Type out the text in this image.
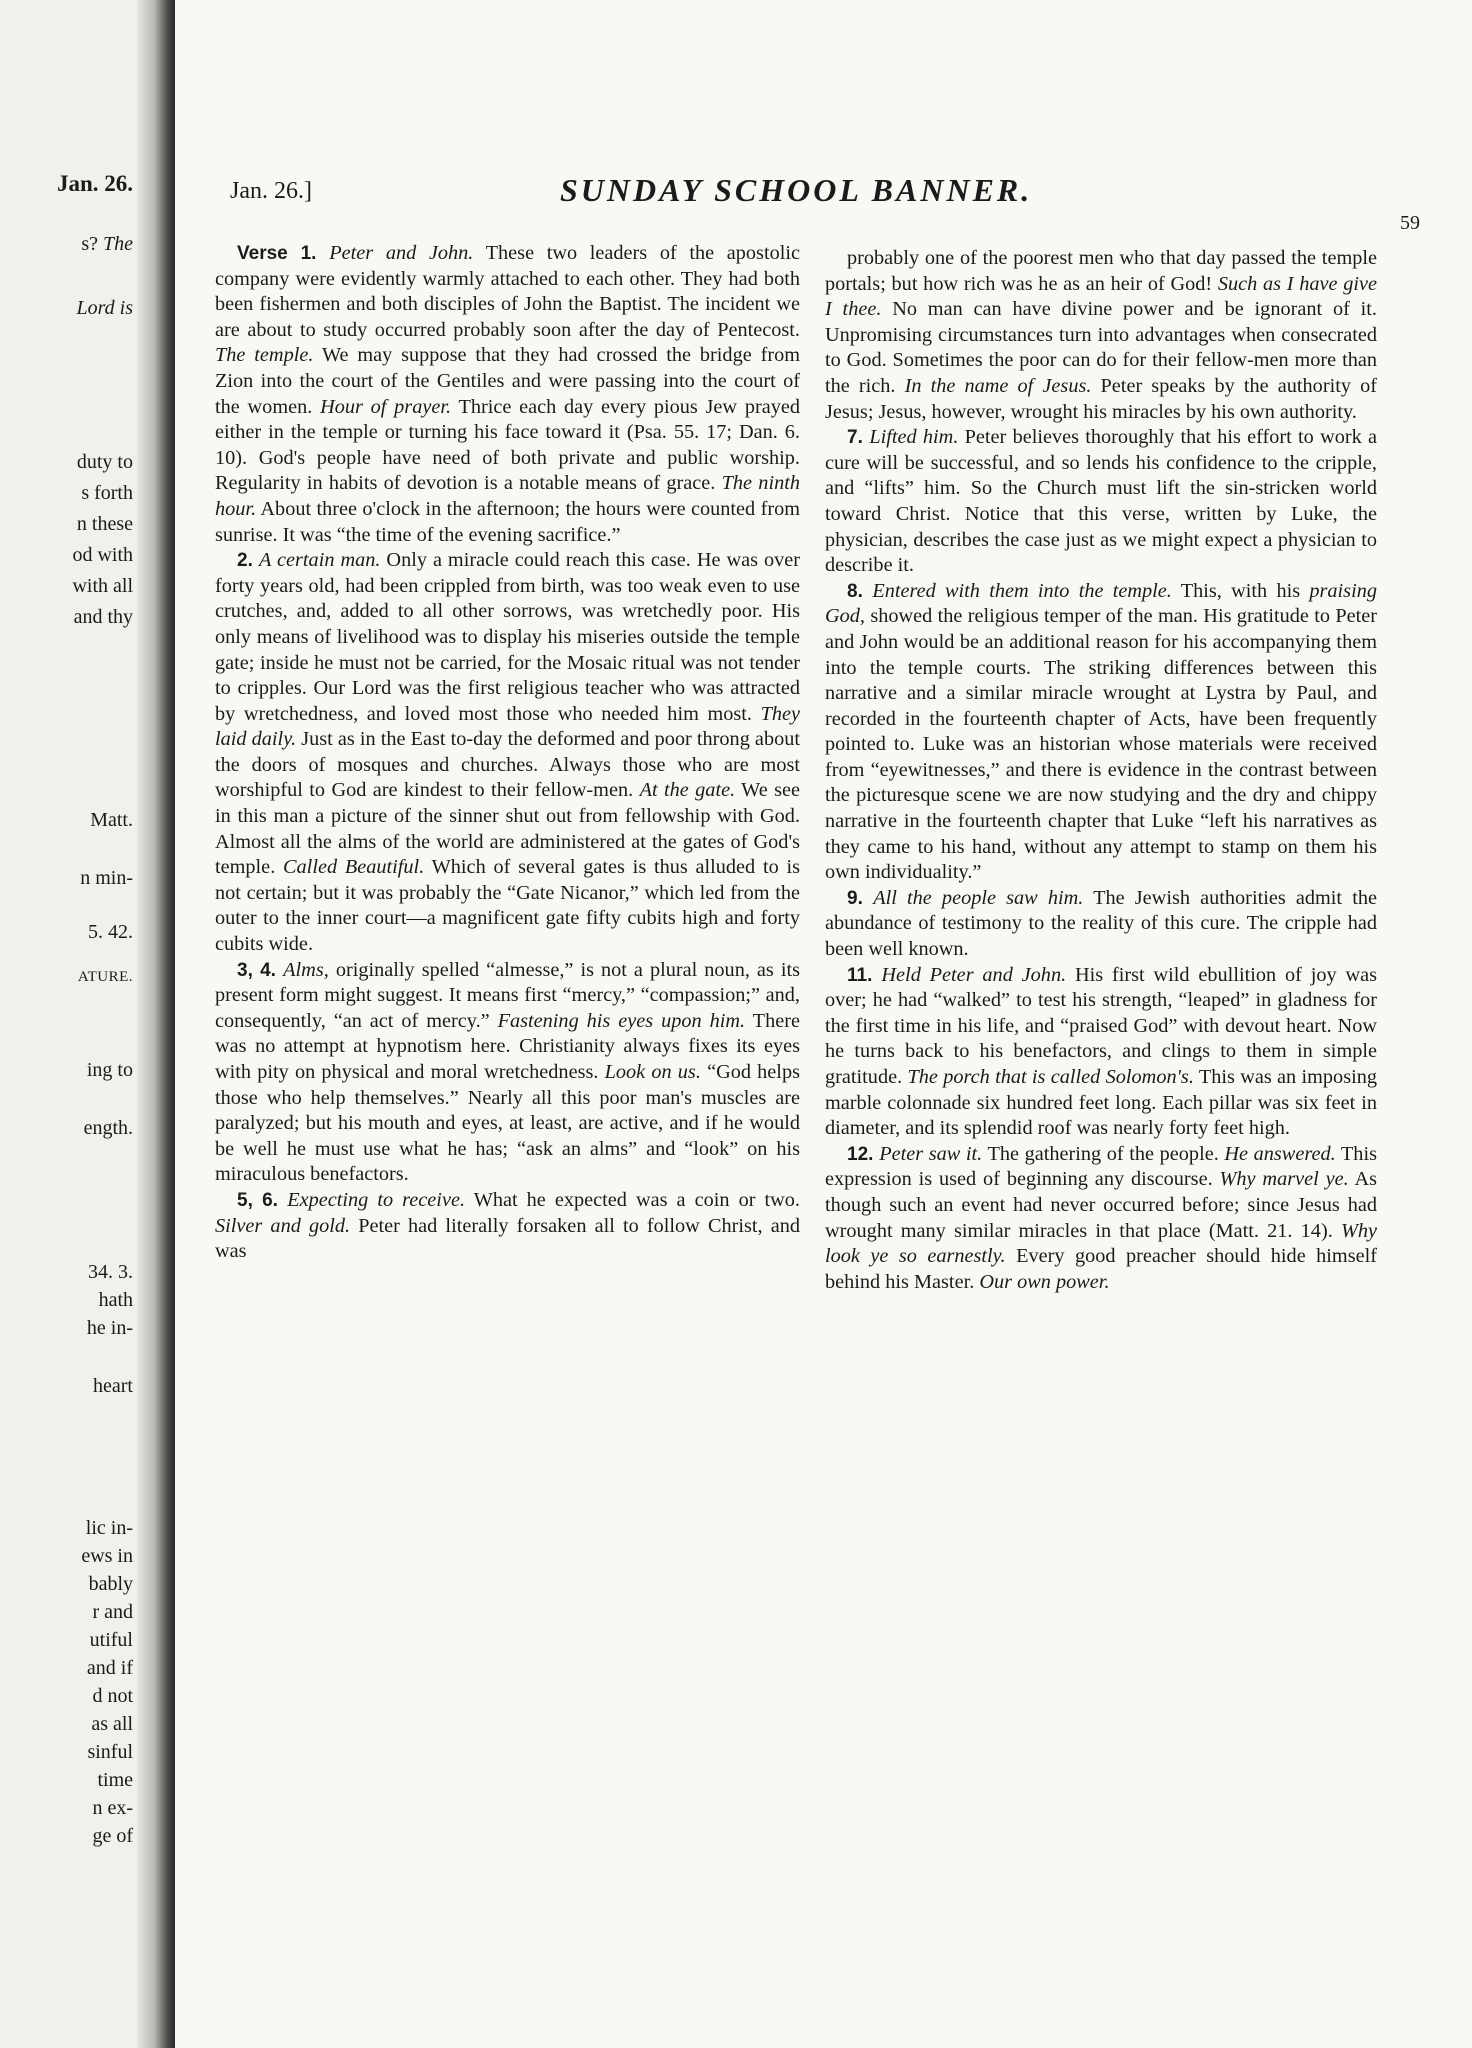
Jan. 26.
s? The
Lord is
duty to
s forth
n these
od with
with all
and thy
Matt.
n min-
5. 42.
ATURE.
ing to
ength.
34. 3.
hath
he in-
heart
lic in-
ews in
bably
r and
utiful
and if
d not
as all
sinful
time
n ex-
ge of
Jan. 26.]	SUNDAY SCHOOL BANNER.
59

Verse 1. Peter and John. These two leaders of the apostolic company were evidently warmly attached to each other. They had both been fishermen and both disciples of John the Baptist. The incident we are about to study occurred probably soon after the day of Pentecost. The temple. We may suppose that they had crossed the bridge from Zion into the court of the Gentiles and were passing into the court of the women. Hour of prayer. Thrice each day every pious Jew prayed either in the temple or turning his face toward it (Psa. 55. 17; Dan. 6. 10). God's people have need of both private and public worship. Regularity in habits of devotion is a notable means of grace. The ninth hour. About three o'clock in the afternoon; the hours were counted from sunrise. It was “the time of the evening sacrifice.”

2. A certain man. Only a miracle could reach this case. He was over forty years old, had been crippled from birth, was too weak even to use crutches, and, added to all other sorrows, was wretchedly poor. His only means of livelihood was to display his miseries outside the temple gate; inside he must not be carried, for the Mosaic ritual was not tender to cripples. Our Lord was the first religious teacher who was attracted by wretchedness, and loved most those who needed him most. They laid daily. Just as in the East to-day the deformed and poor throng about the doors of mosques and churches. Always those who are most worshipful to God are kindest to their fellow-men. At the gate. We see in this man a picture of the sinner shut out from fellowship with God. Almost all the alms of the world are administered at the gates of God's temple. Called Beautiful. Which of several gates is thus alluded to is not certain; but it was probably the “Gate Nicanor,” which led from the outer to the inner court—a magnificent gate fifty cubits high and forty cubits wide.

3, 4. Alms, originally spelled “almesse,” is not a plural noun, as its present form might suggest. It means first “mercy,” “compassion;” and, consequently, “an act of mercy.” Fastening his eyes upon him. There was no attempt at hypnotism here. Christianity always fixes its eyes with pity on physical and moral wretchedness. Look on us. “God helps those who help themselves.” Nearly all this poor man's muscles are paralyzed; but his mouth and eyes, at least, are active, and if he would be well he must use what he has; “ask an alms” and “look” on his miraculous benefactors.

5, 6. Expecting to receive. What he expected was a coin or two. Silver and gold. Peter had literally forsaken all to follow Christ, and was

probably one of the poorest men who that day passed the temple portals; but how rich was he as an heir of God! Such as I have give I thee. No man can have divine power and be ignorant of it. Unpromising circumstances turn into advantages when consecrated to God. Sometimes the poor can do for their fellow-men more than the rich. In the name of Jesus. Peter speaks by the authority of Jesus; Jesus, however, wrought his miracles by his own authority.

7. Lifted him. Peter believes thoroughly that his effort to work a cure will be successful, and so lends his confidence to the cripple, and “lifts” him. So the Church must lift the sin-stricken world toward Christ. Notice that this verse, written by Luke, the physician, describes the case just as we might expect a physician to describe it.

8. Entered with them into the temple. This, with his praising God, showed the religious temper of the man. His gratitude to Peter and John would be an additional reason for his accompanying them into the temple courts. The striking differences between this narrative and a similar miracle wrought at Lystra by Paul, and recorded in the fourteenth chapter of Acts, have been frequently pointed to. Luke was an historian whose materials were received from “eyewitnesses,” and there is evidence in the contrast between the picturesque scene we are now studying and the dry and chippy narrative in the fourteenth chapter that Luke “left his narratives as they came to his hand, without any attempt to stamp on them his own individuality.”

9. All the people saw him. The Jewish authorities admit the abundance of testimony to the reality of this cure. The cripple had been well known.

11. Held Peter and John. His first wild ebullition of joy was over; he had “walked” to test his strength, “leaped” in gladness for the first time in his life, and “praised God” with devout heart. Now he turns back to his benefactors, and clings to them in simple gratitude. The porch that is called Solomon's. This was an imposing marble colonnade six hundred feet long. Each pillar was six feet in diameter, and its splendid roof was nearly forty feet high.

12. Peter saw it. The gathering of the people. He answered. This expression is used of beginning any discourse. Why marvel ye. As though such an event had never occurred before; since Jesus had wrought many similar miracles in that place (Matt. 21. 14). Why look ye so earnestly. Every good preacher should hide himself behind his Master. Our own power.
